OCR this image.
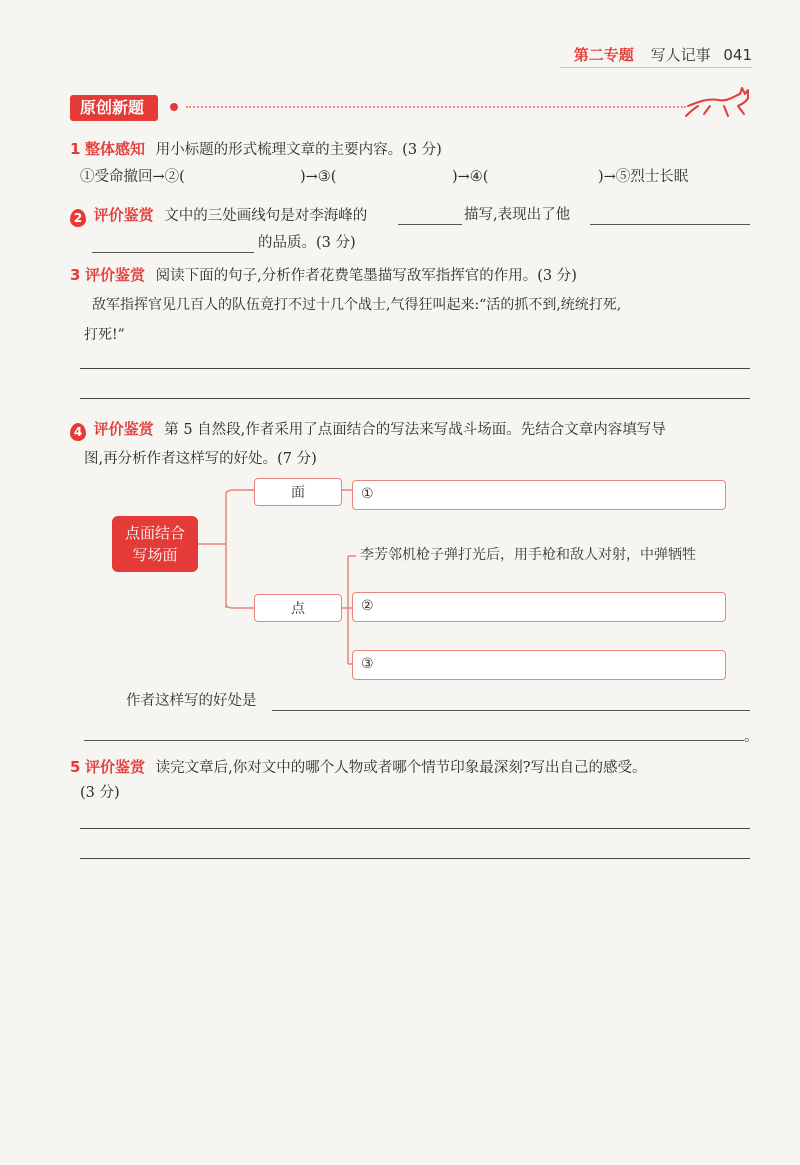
第二专题 写人记事 041
原创新题
1 整体感知 用小标题的形式梳理文章的主要内容。(3 分)
①受命撤回→②(	)→③(	)→④(	)→⑤烈士长眠
2 评价鉴赏 文中的三处画线句是对李海峰的	描写,表现出了他
的品质。(3 分)
3 评价鉴赏 阅读下面的句子,分析作者花费笔墨描写敌军指挥官的作用。(3 分)
敌军指挥官见几百人的队伍竟打不过十几个战士,气得狂叫起来:“活的抓不到,统统打死,
打死!”
4 评价鉴赏 第 5 自然段,作者采用了点面结合的写法来写战斗场面。先结合文章内容填写导
图,再分析作者这样写的好处。(7 分)
点面结合
写场面
面
点
①
李芳邻机枪子弹打光后，用手枪和敌人对射，中弹牺牲
②
③
作者这样写的好处是
。
5 评价鉴赏 读完文章后,你对文中的哪个人物或者哪个情节印象最深刻?写出自己的感受。
(3 分)
